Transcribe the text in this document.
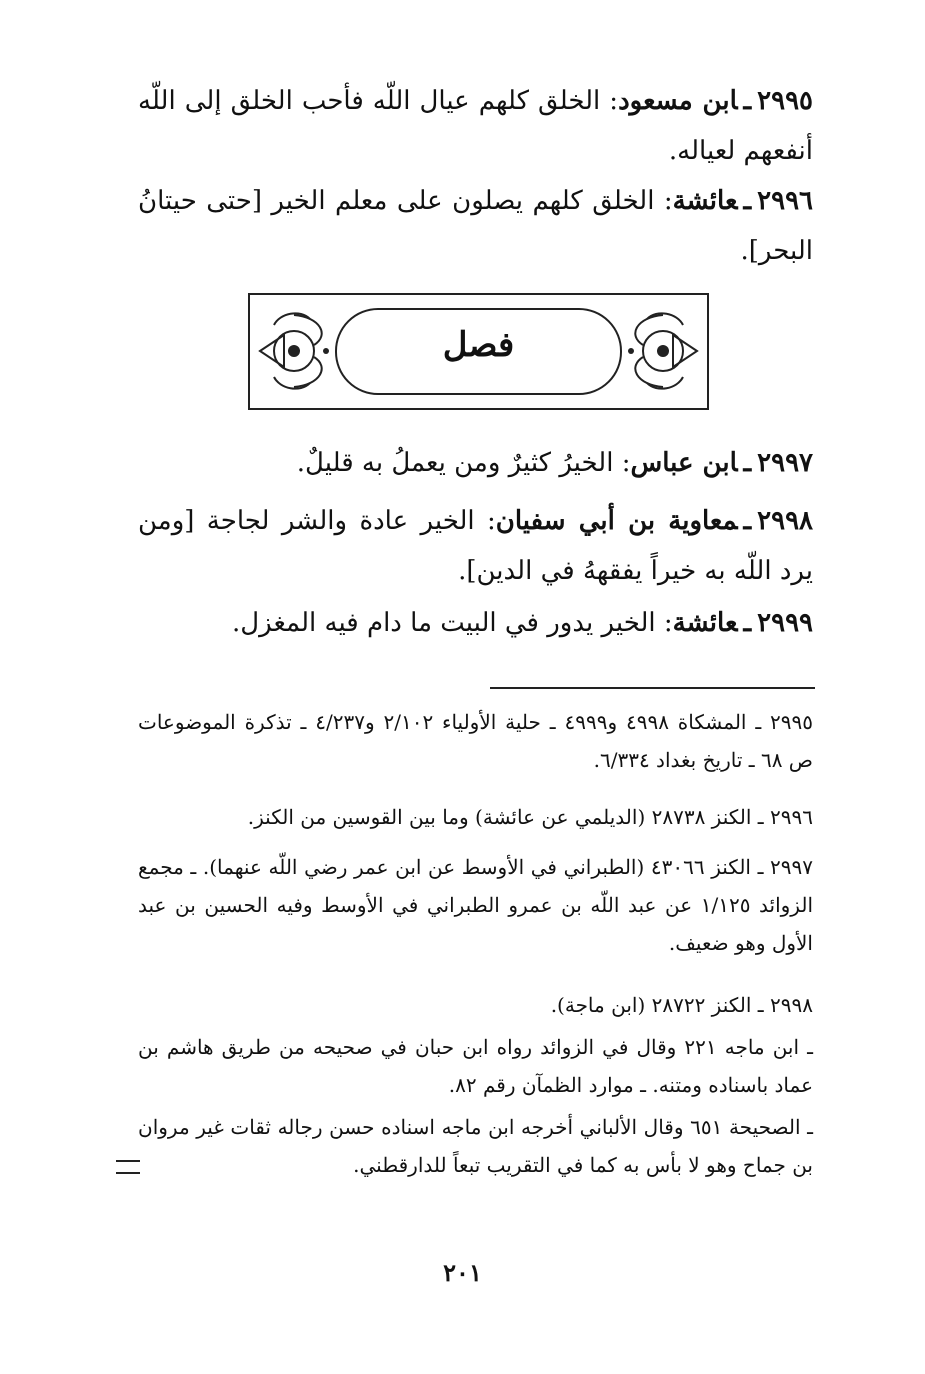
٢٩٩٥ـابن مسعود: الخلق كلهم عيال اللّه فأحب الخلق إلى اللّه أنفعهم لعياله.

٢٩٩٦ـعائشة: الخلق كلهم يصلون على معلم الخير [حتى حيتانُ البحر].

فصل

٢٩٩٧ـابن عباس: الخيرُ كثيرٌ ومن يعملُ به قليلٌ.

٢٩٩٨ـمعاوية بن أبي سفيان: الخير عادة والشر لجاجة [ومن يرد اللّه به خيراً يفقههُ في الدين].

٢٩٩٩ـعائشة: الخير يدور في البيت ما دام فيه المغزل.

٢٩٩٥ ـ المشكاة ٤٩٩٨ و٤٩٩٩ ـ حلية الأولياء ٢/١٠٢ و٤/٢٣٧ ـ تذكرة الموضوعات ص ٦٨ ـ تاريخ بغداد ٦/٣٣٤.

٢٩٩٦ ـ الكنز ٢٨٧٣٨ (الديلمي عن عائشة) وما بين القوسين من الكنز.

٢٩٩٧ ـ الكنز ٤٣٠٦٦ (الطبراني في الأوسط عن ابن عمر رضي اللّه عنهما). ـ مجمع الزوائد ١/١٢٥ عن عبد اللّه بن عمرو الطبراني في الأوسط وفيه الحسين بن عبد الأول وهو ضعيف.

٢٩٩٨ ـ الكنز ٢٨٧٢٢ (ابن ماجة).

ـ ابن ماجه ٢٢١ وقال في الزوائد رواه ابن حبان في صحيحه من طريق هاشم بن عماد باسناده ومتنه. ـ موارد الظمآن رقم ٨٢.

ـ الصحيحة ٦٥١ وقال الألباني أخرجه ابن ماجه اسناده حسن رجاله ثقات غير مروان بن جماح وهو لا بأس به كما في التقريب تبعاً للدارقطني.

٢٠١
